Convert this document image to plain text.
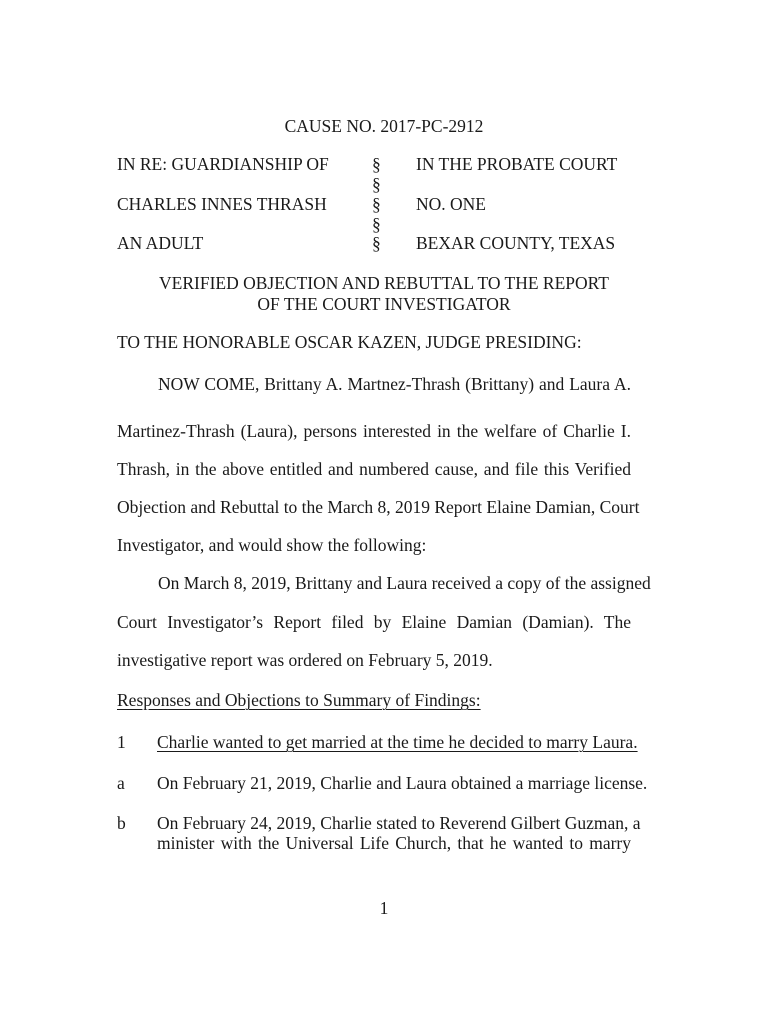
CAUSE NO. 2017-PC-2912
IN RE: GUARDIANSHIP OF
CHARLES INNES THRASH
AN ADULT
§
§
§
§
§
IN THE PROBATE COURT
NO. ONE
BEXAR COUNTY, TEXAS
VERIFIED OBJECTION AND REBUTTAL TO THE REPORT
OF THE COURT INVESTIGATOR
TO THE HONORABLE OSCAR KAZEN, JUDGE PRESIDING:
NOW COME, Brittany A. Martnez-Thrash (Brittany) and Laura A.
Martinez-Thrash (Laura), persons interested in the welfare of Charlie I.
Thrash, in the above entitled and numbered cause, and file this Verified
Objection and Rebuttal to the March 8, 2019 Report Elaine Damian, Court
Investigator, and would show the following:
On March 8, 2019, Brittany and Laura received a copy of the assigned
Court Investigator’s Report filed by Elaine Damian (Damian). The
investigative report was ordered on February 5, 2019.
Responses and Objections to Summary of Findings:
1 Charlie wanted to get married at the time he decided to marry Laura.
a On February 21, 2019, Charlie and Laura obtained a marriage license.
b On February 24, 2019, Charlie stated to Reverend Gilbert Guzman, a
minister with the Universal Life Church, that he wanted to marry
1
